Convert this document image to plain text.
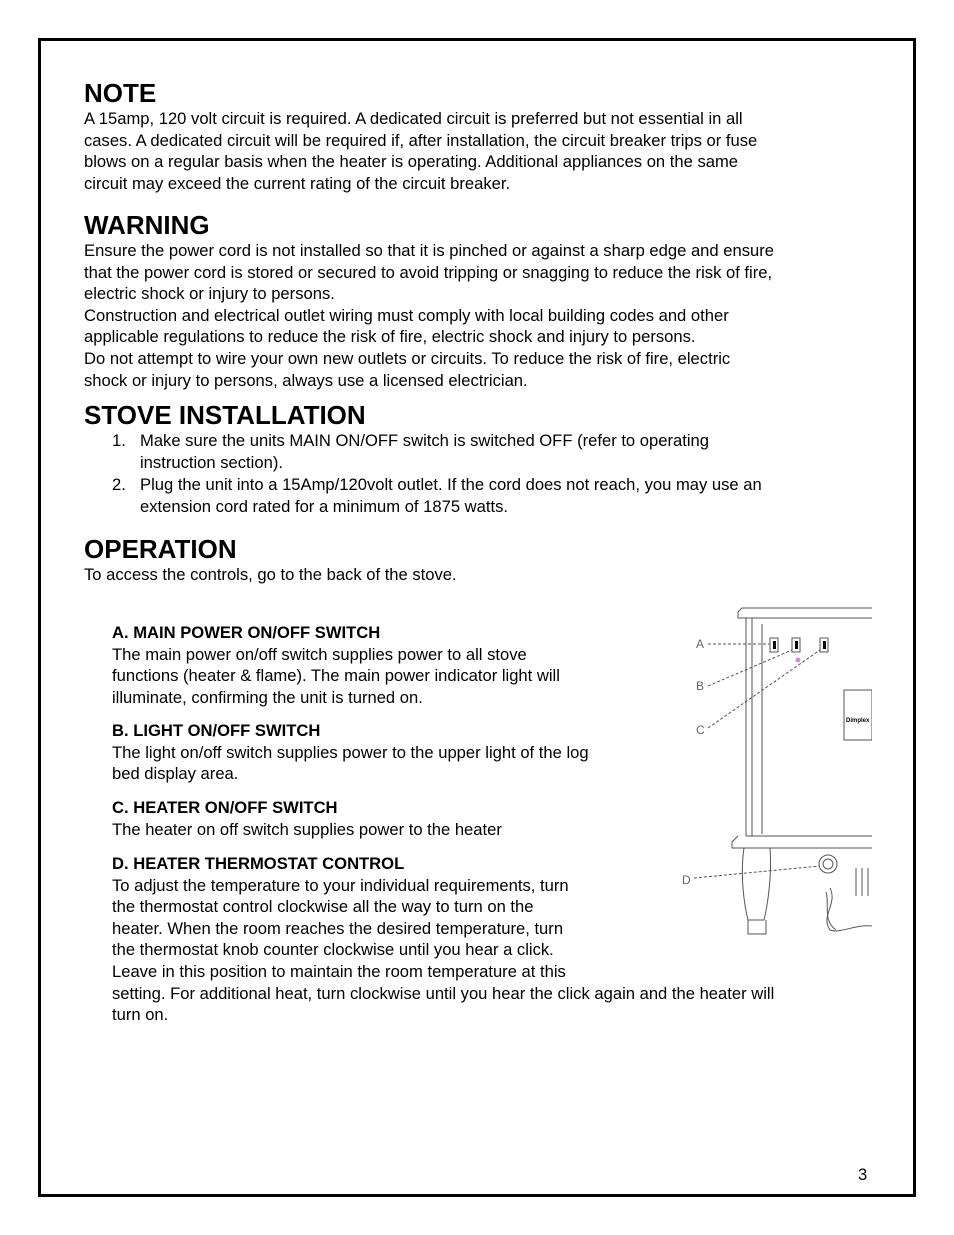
NOTE

A 15amp, 120 volt circuit is required. A dedicated circuit is preferred but not essential in all

cases. A dedicated circuit will be required if, after installation, the circuit breaker trips or fuse

blows on a regular basis when the heater is operating. Additional appliances on the same

circuit may exceed the current rating of the circuit breaker.

WARNING

Ensure the power cord is not installed so that it is pinched or against a sharp edge and ensure

that the power cord is stored or secured to avoid tripping or snagging to reduce the risk of fire,

electric shock or injury to persons.

Construction and electrical outlet wiring must comply with local building codes and other

applicable regulations to reduce the risk of fire, electric shock and injury to persons.

Do not attempt to wire your own new outlets or circuits. To reduce the risk of fire, electric

shock or injury to persons, always use a licensed electrician.

STOVE INSTALLATION
1. Make sure the units MAIN ON/OFF switch is switched OFF (refer to operating
instruction section).
2. Plug the unit into a 15Amp/120volt outlet. If the cord does not reach, you may use an
extension cord rated for a minimum of 1875 watts.
OPERATION

To access the controls, go to the back of the stove.

A. MAIN POWER ON/OFF SWITCH

The main power on/off switch supplies power to all stove

functions (heater & flame). The main power indicator light will

illuminate, confirming the unit is turned on.

B. LIGHT ON/OFF SWITCH

The light on/off switch supplies power to the upper light of the log

bed display area.

C. HEATER ON/OFF SWITCH

The heater on off switch supplies power to the heater

D. HEATER THERMOSTAT CONTROL

To adjust the temperature to your individual requirements, turn

the thermostat control clockwise all the way to turn on the

heater. When the room reaches the desired temperature, turn

the thermostat knob counter clockwise until you hear a click.

Leave in this position to maintain the room temperature at this

setting. For additional heat, turn clockwise until you hear the click again and the heater will

turn on.

A
B
C
D
Dimplex
3
